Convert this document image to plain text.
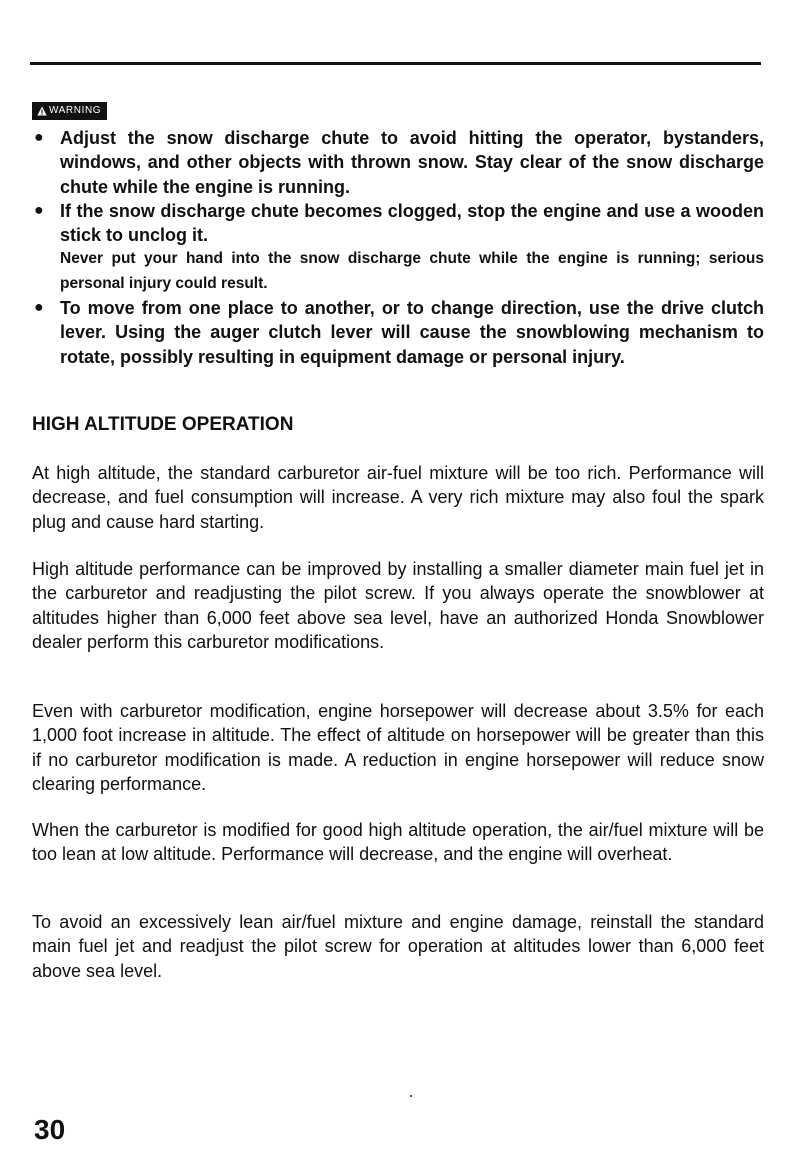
WARNING
● Adjust the snow discharge chute to avoid hitting the operator, bystanders, windows, and other objects with thrown snow. Stay clear of the snow discharge chute while the engine is running.
● If the snow discharge chute becomes clogged, stop the engine and use a wooden stick to unclog it.
Never put your hand into the snow discharge chute while the engine is running; serious personal injury could result.
● To move from one place to another, or to change direction, use the drive clutch lever. Using the auger clutch lever will cause the snowblowing mechanism to rotate, possibly resulting in equipment damage or personal injury.
HIGH ALTITUDE OPERATION

At high altitude, the standard carburetor air-fuel mixture will be too rich. Performance will decrease, and fuel consumption will increase. A very rich mixture may also foul the spark plug and cause hard starting.

High altitude performance can be improved by installing a smaller diameter main fuel jet in the carburetor and readjusting the pilot screw. If you always operate the snowblower at altitudes higher than 6,000 feet above sea level, have an authorized Honda Snowblower dealer perform this carburetor modifications.

Even with carburetor modification, engine horsepower will decrease about 3.5% for each 1,000 foot increase in altitude. The effect of altitude on horsepower will be greater than this if no carburetor modification is made. A reduction in engine horsepower will reduce snow clearing performance.

When the carburetor is modified for good high altitude operation, the air/fuel mixture will be too lean at low altitude. Performance will decrease, and the engine will overheat.

To avoid an excessively lean air/fuel mixture and engine damage, reinstall the standard main fuel jet and readjust the pilot screw for operation at altitudes lower than 6,000 feet above sea level.

30
